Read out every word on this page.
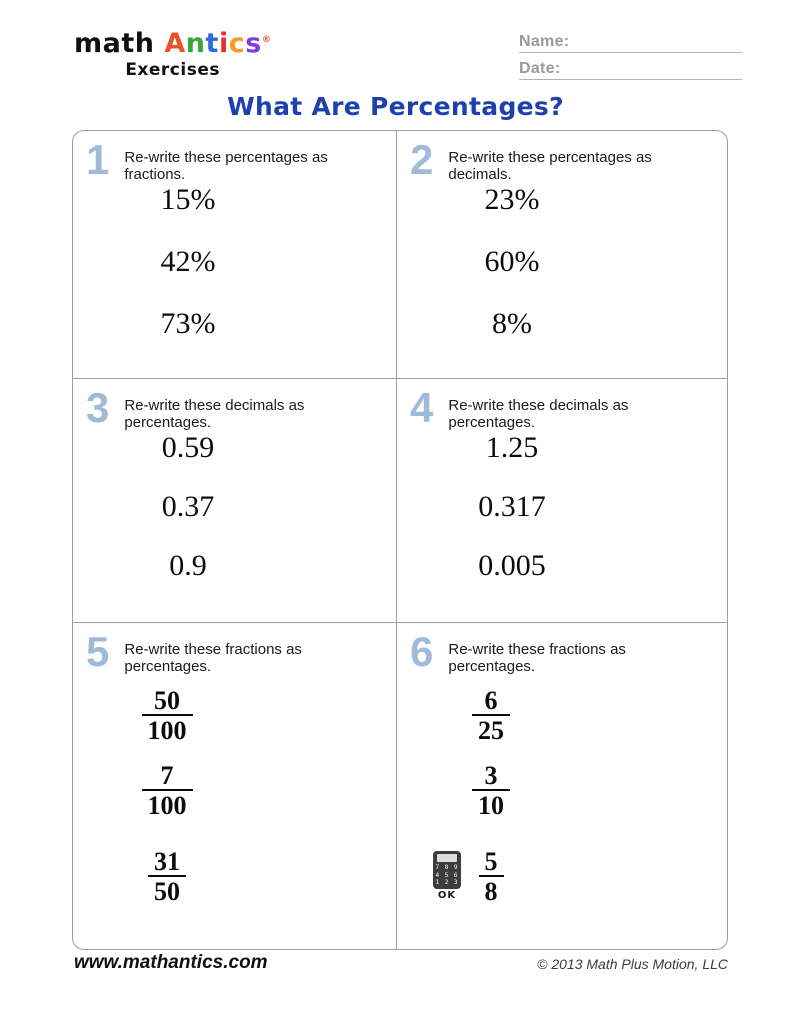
math Antics®
Exercises
Name:
Date:
What Are Percentages?
1 Re-write these percentages as fractions.
15%
42%
73%
2 Re-write these percentages as decimals.
23%
60%
8%
3 Re-write these decimals as percentages.
0.59
0.37
0.9
4 Re-write these decimals as percentages.
1.25
0.317
0.005
5 Re-write these fractions as percentages.
$\frac{50}{100}$
$\frac{7}{100}$
$\frac{31}{50}$
6 Re-write these fractions as percentages.
$\frac{6}{25}$
$\frac{3}{10}$
$\frac{5}{8}$
7 8 9
4 5 6
1 2 3
OK
www.mathantics.com	© 2013 Math Plus Motion, LLC
